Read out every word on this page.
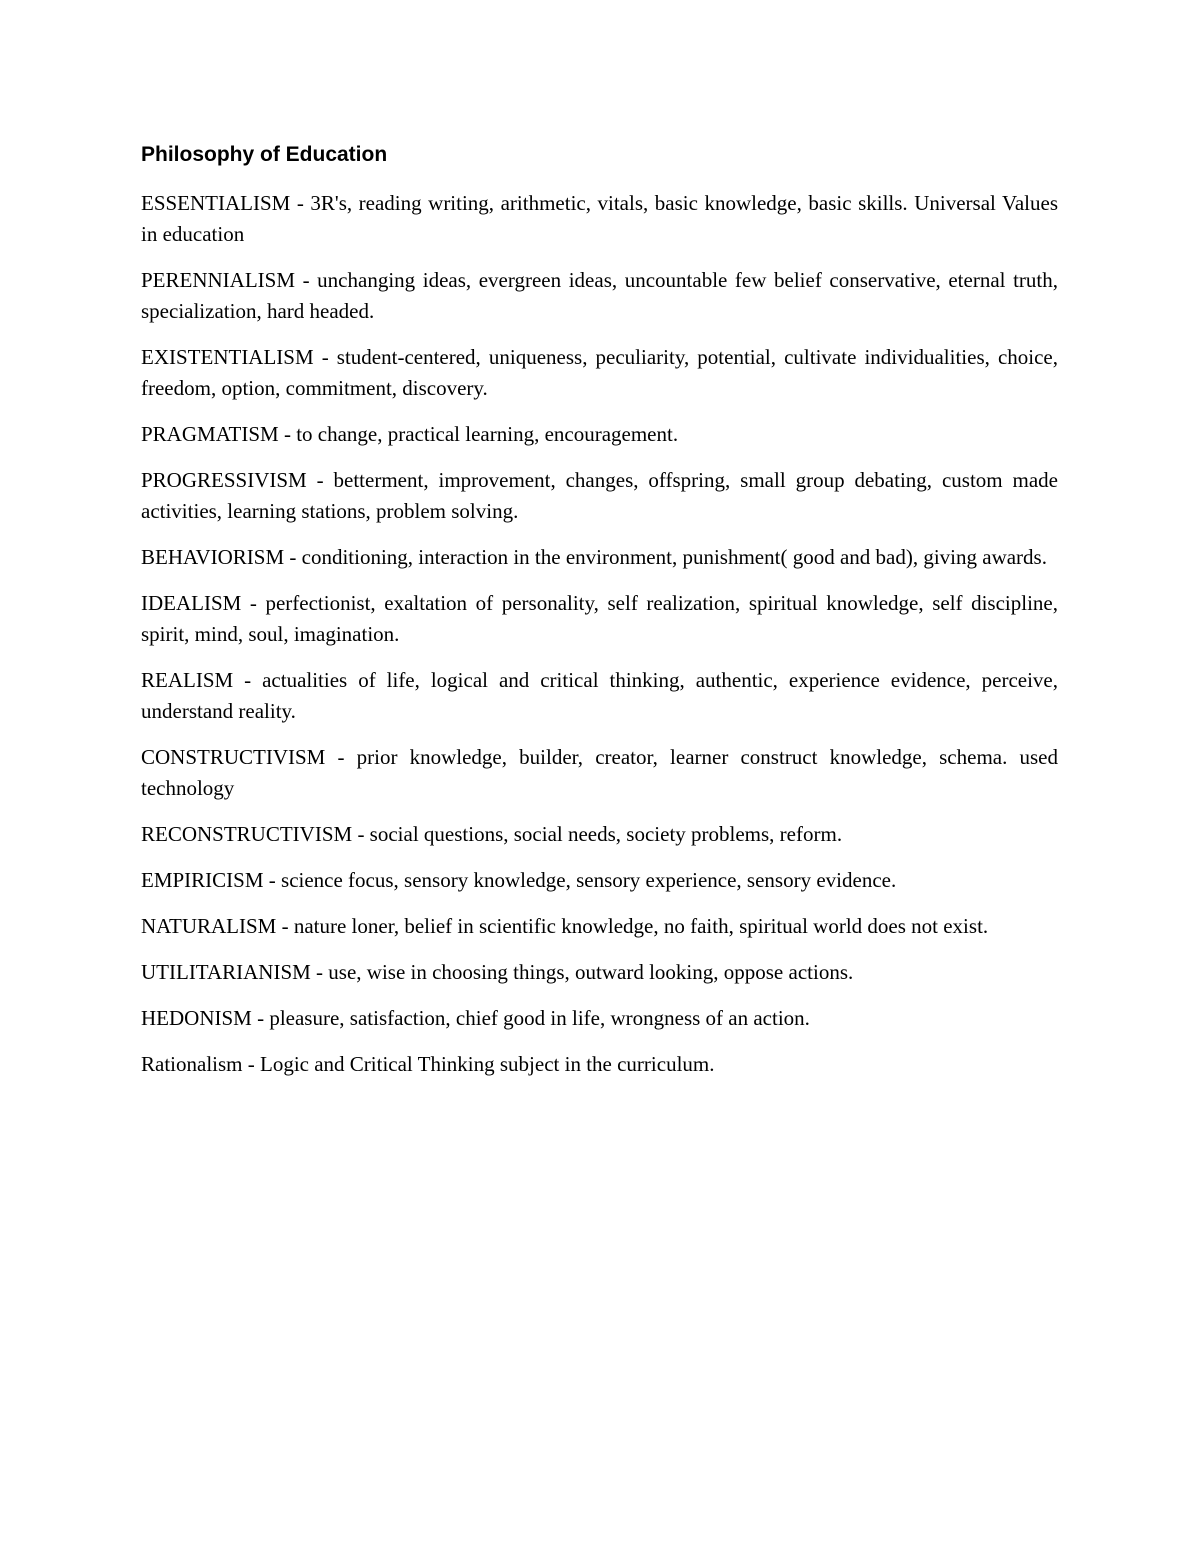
Philosophy of Education

ESSENTIALISM - 3R's, reading writing, arithmetic, vitals, basic knowledge, basic skills. Universal Values in education

PERENNIALISM - unchanging ideas, evergreen ideas, uncountable few belief conservative, eternal truth, specialization, hard headed.

EXISTENTIALISM - student-centered, uniqueness, peculiarity, potential, cultivate individualities, choice, freedom, option, commitment, discovery.

PRAGMATISM - to change, practical learning, encouragement.

PROGRESSIVISM - betterment, improvement, changes, offspring, small group debating, custom made activities, learning stations, problem solving.

BEHAVIORISM - conditioning, interaction in the environment, punishment( good and bad), giving awards.

IDEALISM - perfectionist, exaltation of personality, self realization, spiritual knowledge, self discipline, spirit, mind, soul, imagination.

REALISM - actualities of life, logical and critical thinking, authentic, experience evidence, perceive, understand reality.

CONSTRUCTIVISM - prior knowledge, builder, creator, learner construct knowledge, schema. used technology

RECONSTRUCTIVISM - social questions, social needs, society problems, reform.

EMPIRICISM - science focus, sensory knowledge, sensory experience, sensory evidence.

NATURALISM - nature loner, belief in scientific knowledge, no faith, spiritual world does not exist.

UTILITARIANISM - use, wise in choosing things, outward looking, oppose actions.

HEDONISM - pleasure, satisfaction, chief good in life, wrongness of an action.

Rationalism - Logic and Critical Thinking subject in the curriculum.
